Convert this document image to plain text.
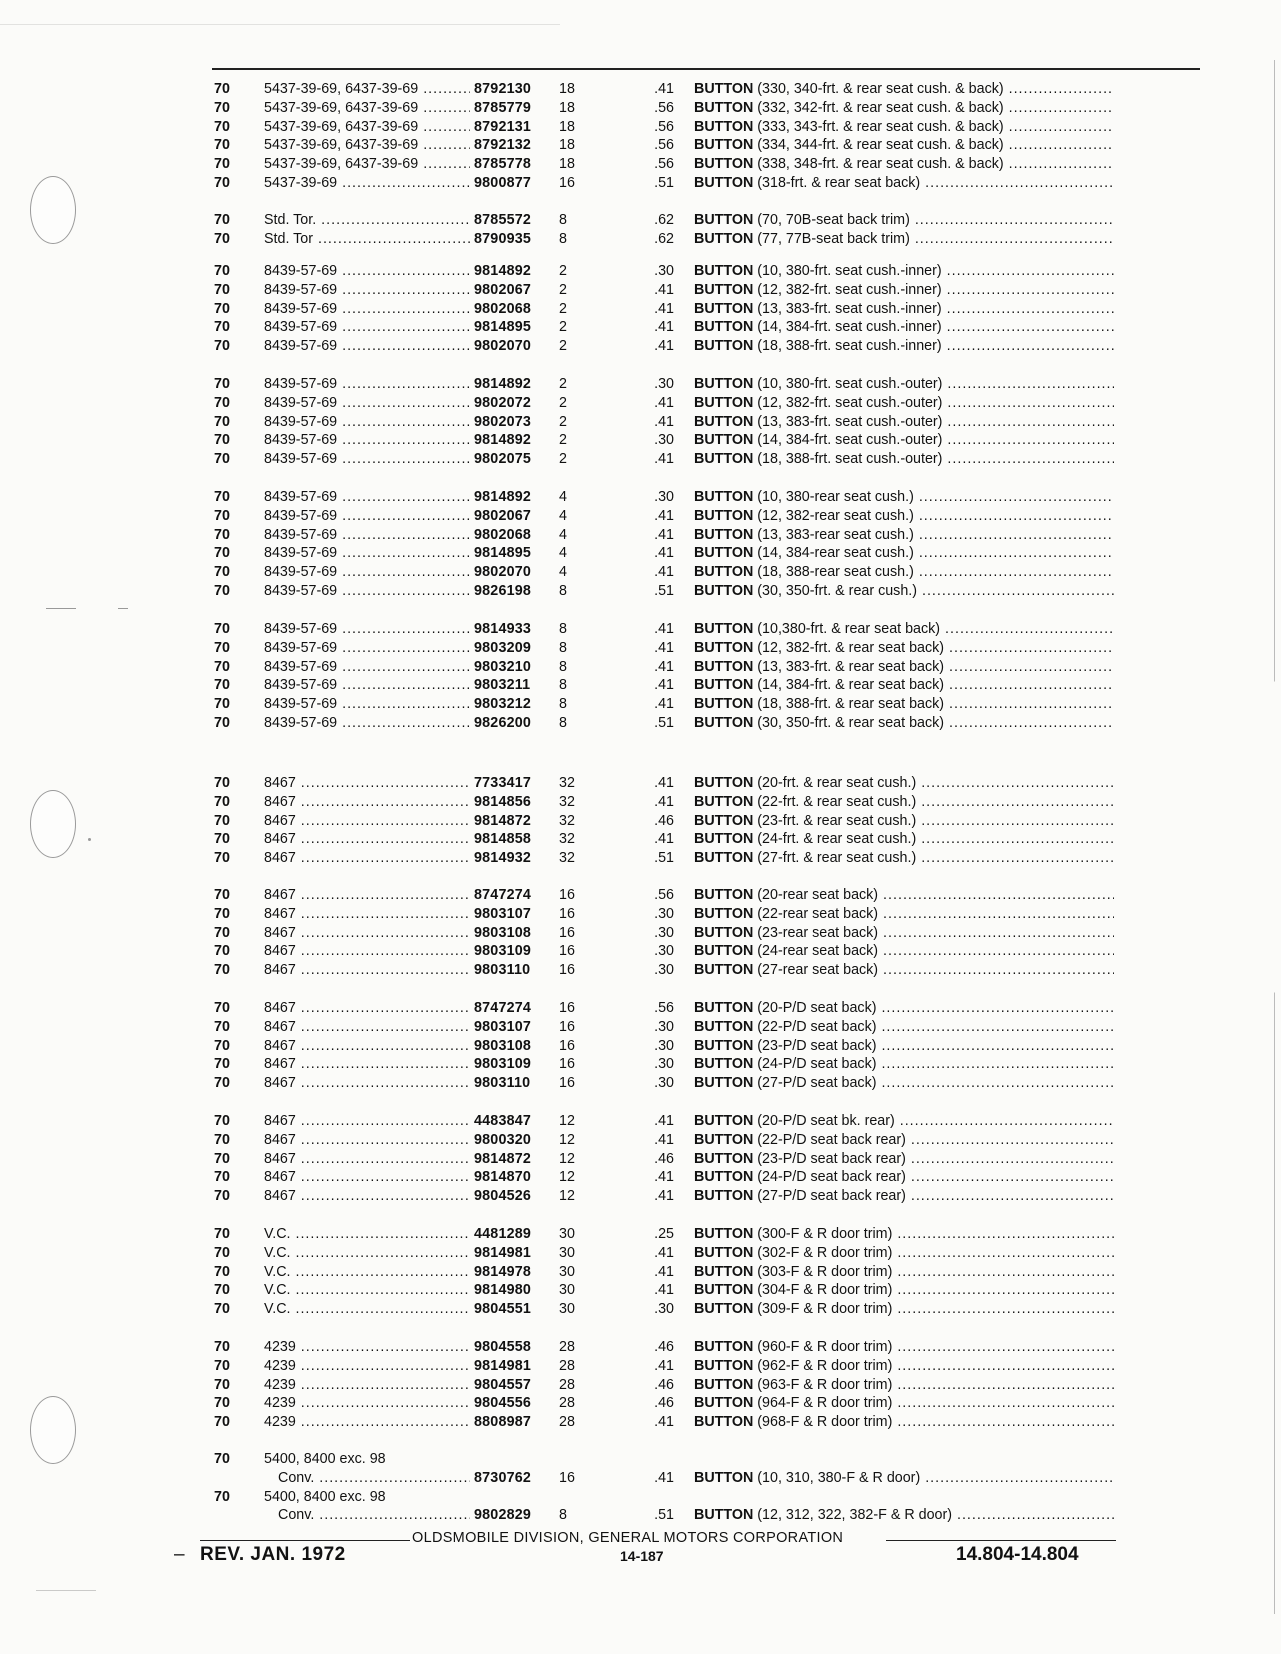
70	5437-39-69, 6437-39-69 .....	8792130	18	.41 BUTTON (330, 340-frt. & rear seat cush. & back) .....
70	5437-39-69, 6437-39-69 .....	8785779	18	.56 BUTTON (332, 342-frt. & rear seat cush. & back) .....
70	5437-39-69, 6437-39-69 .....	8792131	18	.56 BUTTON (333, 343-frt. & rear seat cush. & back) .....
70	5437-39-69, 6437-39-69 .....	8792132	18	.56 BUTTON (334, 344-frt. & rear seat cush. & back) .....
70	5437-39-69, 6437-39-69 .....	8785778	18	.56 BUTTON (338, 348-frt. & rear seat cush. & back) .....
70	5437-39-69 .....	9800877	16	.51 BUTTON (318-frt. & rear seat back) .....
70	Std. Tor. .....	8785572	8	.62 BUTTON (70, 70B-seat back trim) .....
70	Std. Tor .....	8790935	8	.62 BUTTON (77, 77B-seat back trim) .....
70	8439-57-69 .....	9814892	2	.30 BUTTON (10, 380-frt. seat cush.-inner) .....
70	8439-57-69 .....	9802067	2	.41 BUTTON (12, 382-frt. seat cush.-inner) .....
70	8439-57-69 .....	9802068	2	.41 BUTTON (13, 383-frt. seat cush.-inner) .....
70	8439-57-69 .....	9814895	2	.41 BUTTON (14, 384-frt. seat cush.-inner) .....
70	8439-57-69 .....	9802070	2	.41 BUTTON (18, 388-frt. seat cush.-inner) .....
70	8439-57-69 .....	9814892	2	.30 BUTTON (10, 380-frt. seat cush.-outer) .....
70	8439-57-69 .....	9802072	2	.41 BUTTON (12, 382-frt. seat cush.-outer) .....
70	8439-57-69 .....	9802073	2	.41 BUTTON (13, 383-frt. seat cush.-outer) .....
70	8439-57-69 .....	9814892	2	.30 BUTTON (14, 384-frt. seat cush.-outer) .....
70	8439-57-69 .....	9802075	2	.41 BUTTON (18, 388-frt. seat cush.-outer) .....
70	8439-57-69 .....	9814892	4	.30 BUTTON (10, 380-rear seat cush.) .....
70	8439-57-69 .....	9802067	4	.41 BUTTON (12, 382-rear seat cush.) .....
70	8439-57-69 .....	9802068	4	.41 BUTTON (13, 383-rear seat cush.) .....
70	8439-57-69 .....	9814895	4	.41 BUTTON (14, 384-rear seat cush.) .....
70	8439-57-69 .....	9802070	4	.41 BUTTON (18, 388-rear seat cush.) .....
70	8439-57-69 .....	9826198	8	.51 BUTTON (30, 350-frt. & rear cush.) .....
70	8439-57-69 .....	9814933	8	.41 BUTTON (10,380-frt. & rear seat back) .....
70	8439-57-69 .....	9803209	8	.41 BUTTON (12, 382-frt. & rear seat back) .....
70	8439-57-69 .....	9803210	8	.41 BUTTON (13, 383-frt. & rear seat back) .....
70	8439-57-69 .....	9803211	8	.41 BUTTON (14, 384-frt. & rear seat back) .....
70	8439-57-69 .....	9803212	8	.41 BUTTON (18, 388-frt. & rear seat back) .....
70	8439-57-69 .....	9826200	8	.51 BUTTON (30, 350-frt. & rear seat back) .....
70	8467 .....	7733417	32	.41 BUTTON (20-frt. & rear seat cush.) .....
70	8467 .....	9814856	32	.41 BUTTON (22-frt. & rear seat cush.) .....
70	8467 .....	9814872	32	.46 BUTTON (23-frt. & rear seat cush.) .....
70	8467 .....	9814858	32	.41 BUTTON (24-frt. & rear seat cush.) .....
70	8467 .....	9814932	32	.51 BUTTON (27-frt. & rear seat cush.) .....
70	8467 .....	8747274	16	.56 BUTTON (20-rear seat back) .....
70	8467 .....	9803107	16	.30 BUTTON (22-rear seat back) .....
70	8467 .....	9803108	16	.30 BUTTON (23-rear seat back) .....
70	8467 .....	9803109	16	.30 BUTTON (24-rear seat back) .....
70	8467 .....	9803110	16	.30 BUTTON (27-rear seat back) .....
70	8467 .....	8747274	16	.56 BUTTON (20-P/D seat back) .....
70	8467 .....	9803107	16	.30 BUTTON (22-P/D seat back) .....
70	8467 .....	9803108	16	.30 BUTTON (23-P/D seat back) .....
70	8467 .....	9803109	16	.30 BUTTON (24-P/D seat back) .....
70	8467 .....	9803110	16	.30 BUTTON (27-P/D seat back) .....
70	8467 .....	4483847	12	.41 BUTTON (20-P/D seat bk. rear) .....
70	8467 .....	9800320	12	.41 BUTTON (22-P/D seat back rear) .....
70	8467 .....	9814872	12	.46 BUTTON (23-P/D seat back rear) .....
70	8467 .....	9814870	12	.41 BUTTON (24-P/D seat back rear) .....
70	8467 .....	9804526	12	.41 BUTTON (27-P/D seat back rear) .....
70	V.C. .....	4481289	30	.25 BUTTON (300-F & R door trim) .....
70	V.C. .....	9814981	30	.41 BUTTON (302-F & R door trim) .....
70	V.C. .....	9814978	30	.41 BUTTON (303-F & R door trim) .....
70	V.C. .....	9814980	30	.41 BUTTON (304-F & R door trim) .....
70	V.C. .....	9804551	30	.30 BUTTON (309-F & R door trim) .....
70	4239 .....	9804558	28	.46 BUTTON (960-F & R door trim) .....
70	4239 .....	9814981	28	.41 BUTTON (962-F & R door trim) .....
70	4239 .....	9804557	28	.46 BUTTON (963-F & R door trim) .....
70	4239 .....	9804556	28	.46 BUTTON (964-F & R door trim) .....
70	4239 .....	8808987	28	.41 BUTTON (968-F & R door trim) .....
70	5400, 8400 exc. 98
Conv. .....	8730762	16	.41 BUTTON (10, 310, 380-F & R door) .....
70	5400, 8400 exc. 98
Conv. .....	9802829	8	.51 BUTTON (12, 312, 322, 382-F & R door) .....
OLDSMOBILE DIVISION, GENERAL MOTORS CORPORATION
– REV. JAN. 1972	14-187	14.804-14.804
